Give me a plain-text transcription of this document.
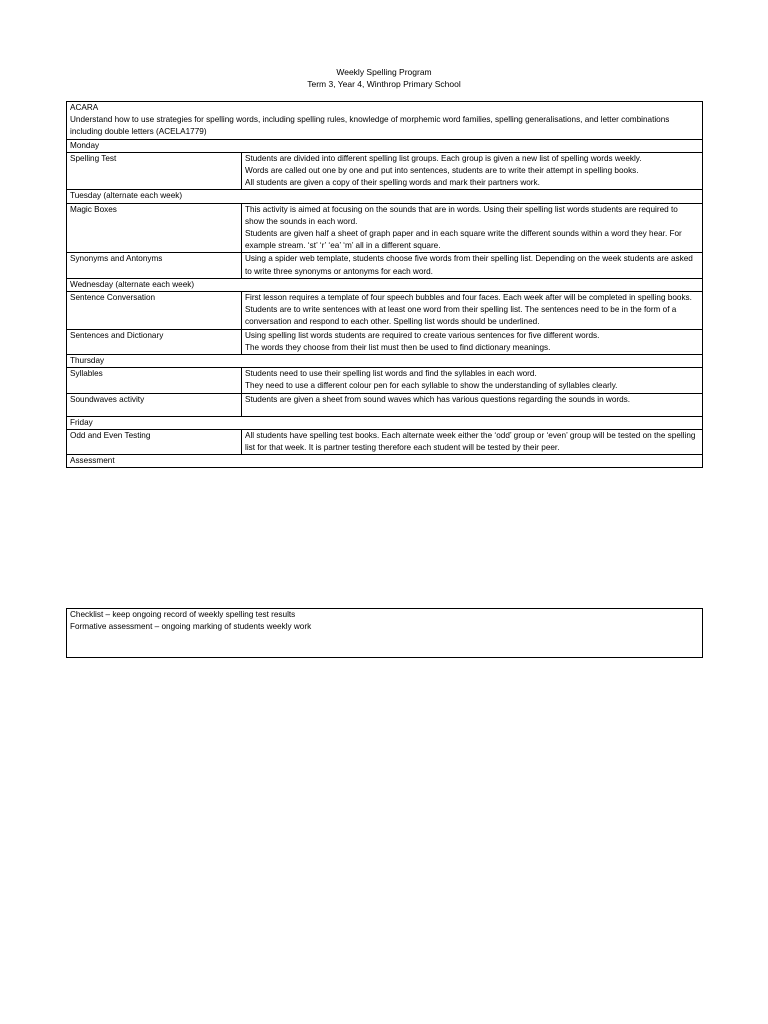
Weekly Spelling Program
Term 3, Year 4, Winthrop Primary School

ACARA

Understand how to use strategies for spelling words, including spelling rules, knowledge of morphemic word families, spelling generalisations, and letter combinations including double letters (ACELA1779)	

Monday	
Spelling Test	Students are divided into different spelling list groups. Each group is given a new list of spelling words weekly.

Words are called out one by one and put into sentences, students are to write their attempt in spelling books.

All students are given a copy of their spelling words and mark their partners work.

Tuesday (alternate each week)	
Magic Boxes	This activity is aimed at focusing on the sounds that are in words. Using their spelling list words students are required to show the sounds in each word.

Students are given half a sheet of graph paper and in each square write the different sounds within a word they hear. For example stream. ‘st’ ‘r’ ‘ea’ ‘m’ all in a different square.

Synonyms and Antonyms	Using a spider web template, students choose five words from their spelling list. Depending on the week students are asked to write three synonyms or antonyms for each word.

Wednesday (alternate each week)	
Sentence Conversation	First lesson requires a template of four speech bubbles and four faces. Each week after will be completed in spelling books.

Students are to write sentences with at least one word from their spelling list. The sentences need to be in the form of a conversation and respond to each other. Spelling list words should be underlined.

Sentences and Dictionary	Using spelling list words students are required to create various sentences for five different words.

The words they choose from their list must then be used to find dictionary meanings.

Thursday	
Syllables	Students need to use their spelling list words and find the syllables in each word.

They need to use a different colour pen for each syllable to show the understanding of syllables clearly.

Soundwaves activity	Students are given a sheet from sound waves which has various questions regarding the sounds in words.

Friday	
Odd and Even Testing	All students have spelling test books. Each alternate week either the ‘odd’ group or ‘even’ group will be tested on the spelling list for that week. It is partner testing therefore each student will be tested by their peer.

Assessment	

Checklist – keep ongoing record of weekly spelling test results

Formative assessment – ongoing marking of students weekly work
